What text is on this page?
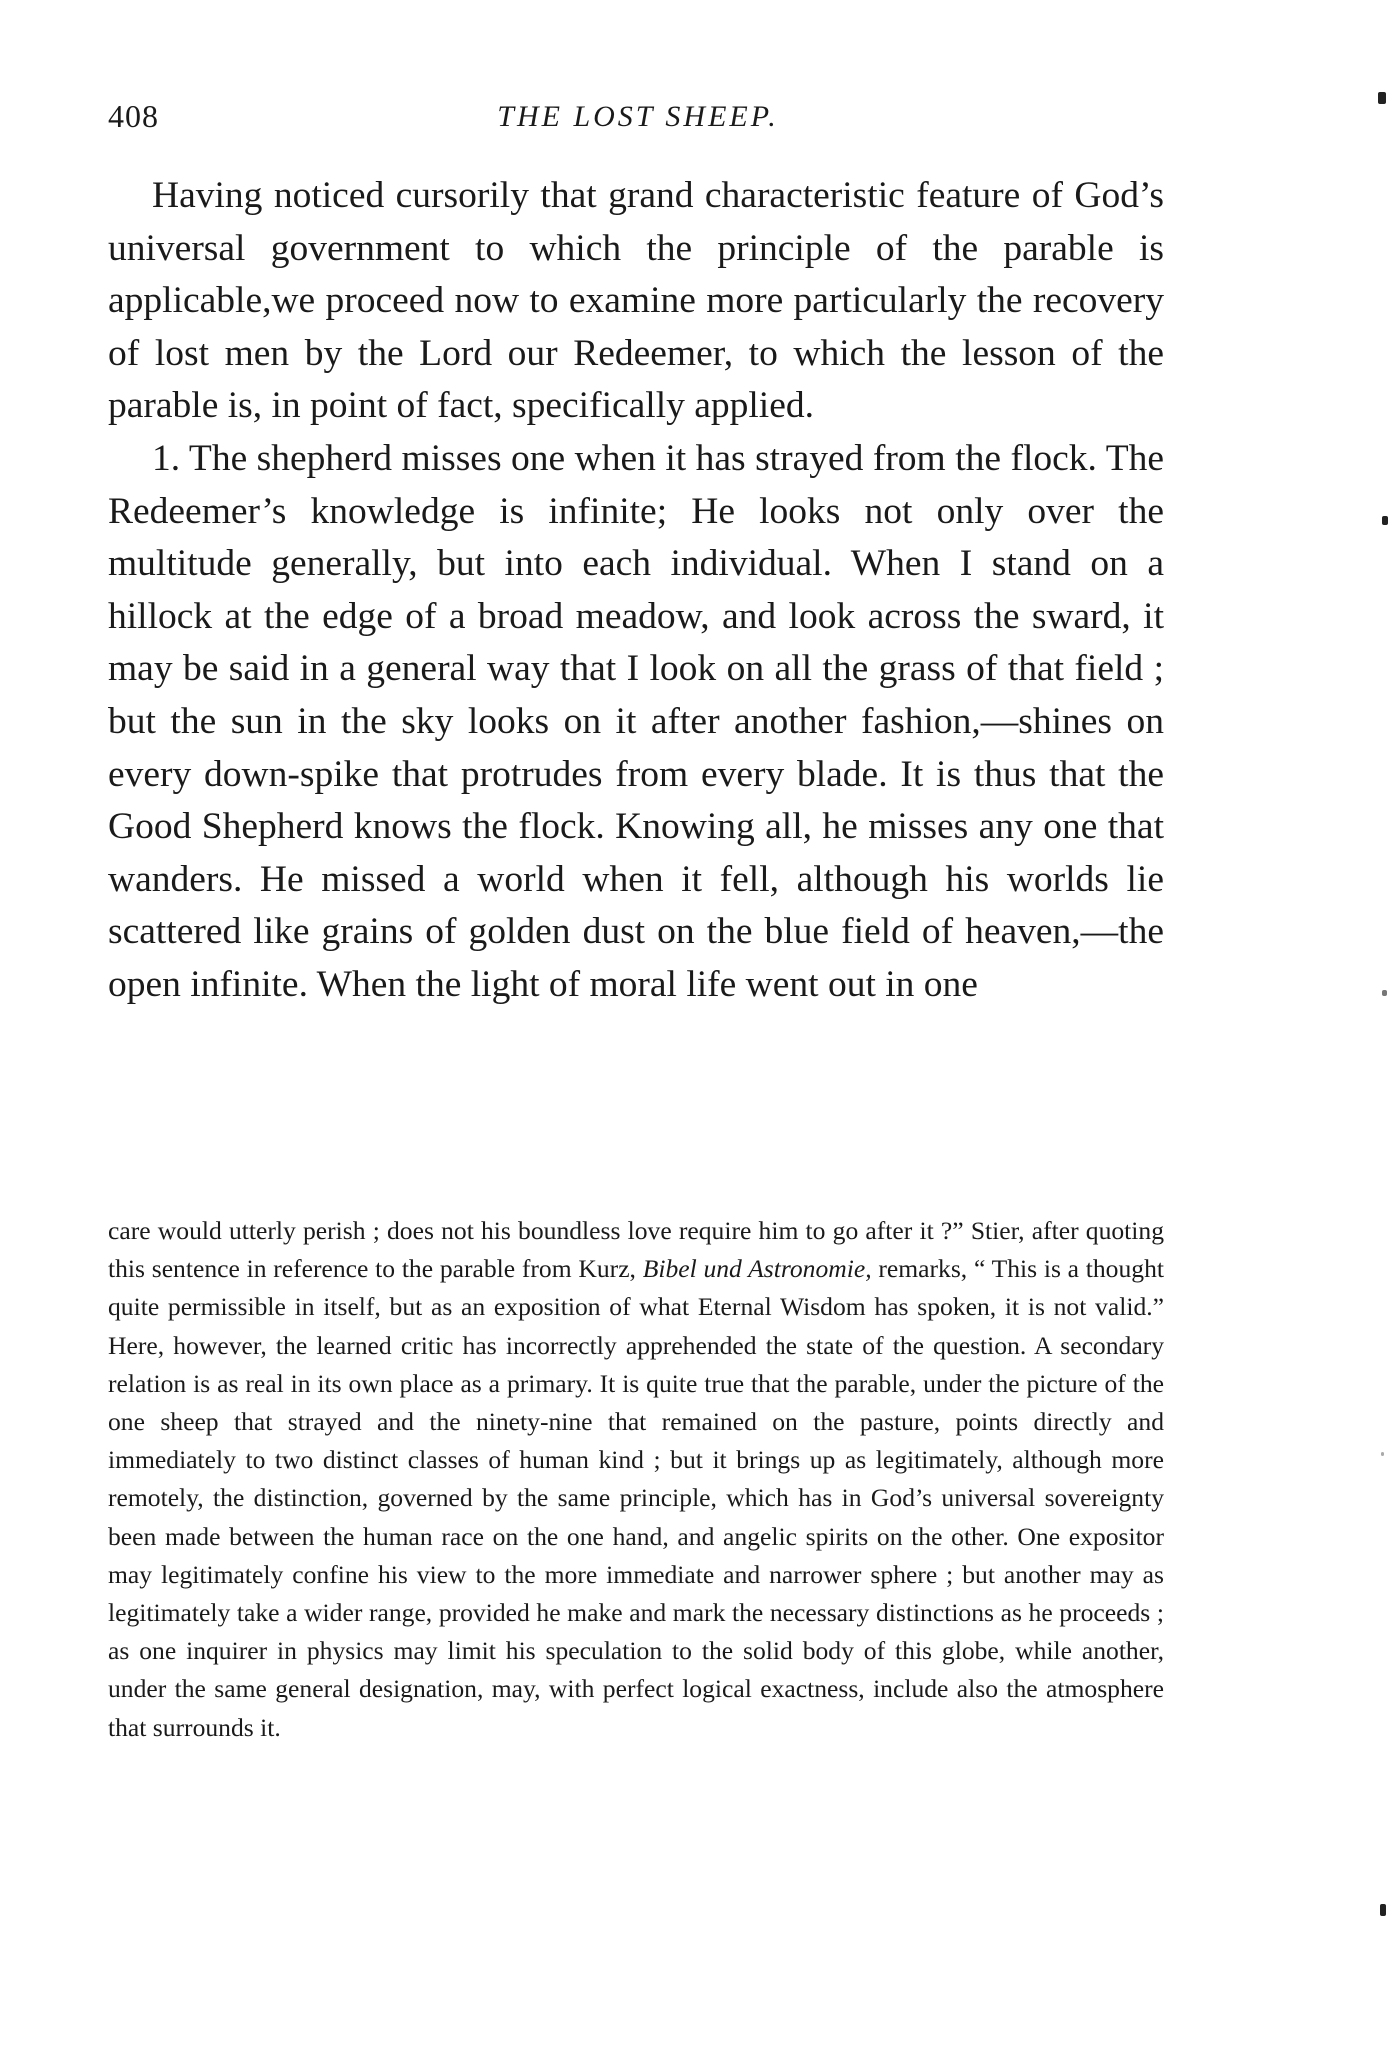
408	THE LOST SHEEP.

Having noticed cursorily that grand characteristic feature of God’s universal government to which the principle of the parable is applicable,we proceed now to examine more particularly the recovery of lost men by the Lord our Redeemer, to which the lesson of the parable is, in point of fact, specifically applied.

1. The shepherd misses one when it has strayed from the flock. The Redeemer’s knowledge is infinite; He looks not only over the multitude generally, but into each individual. When I stand on a hillock at the edge of a broad meadow, and look across the sward, it may be said in a general way that I look on all the grass of that field ; but the sun in the sky looks on it after another fashion,—shines on every down-spike that protrudes from every blade. It is thus that the Good Shepherd knows the flock. Knowing all, he misses any one that wanders. He missed a world when it fell, although his worlds lie scattered like grains of golden dust on the blue field of heaven,—the open infinite. When the light of moral life went out in one

care would utterly perish ; does not his boundless love require him to go after it ?” Stier, after quoting this sentence in reference to the parable from Kurz, Bibel und Astronomie, remarks, “ This is a thought quite permissible in itself, but as an exposition of what Eternal Wisdom has spoken, it is not valid.” Here, however, the learned critic has incorrectly apprehended the state of the question. A secondary relation is as real in its own place as a primary. It is quite true that the parable, under the picture of the one sheep that strayed and the ninety-nine that remained on the pasture, points directly and immediately to two distinct classes of human kind ; but it brings up as legitimately, although more remotely, the distinction, governed by the same principle, which has in God’s universal sovereignty been made between the human race on the one hand, and angelic spirits on the other. One expositor may legitimately confine his view to the more immediate and narrower sphere ; but another may as legitimately take a wider range, provided he make and mark the necessary distinctions as he proceeds ; as one inquirer in physics may limit his speculation to the solid body of this globe, while another, under the same general designation, may, with perfect logical exactness, include also the atmosphere that surrounds it.
